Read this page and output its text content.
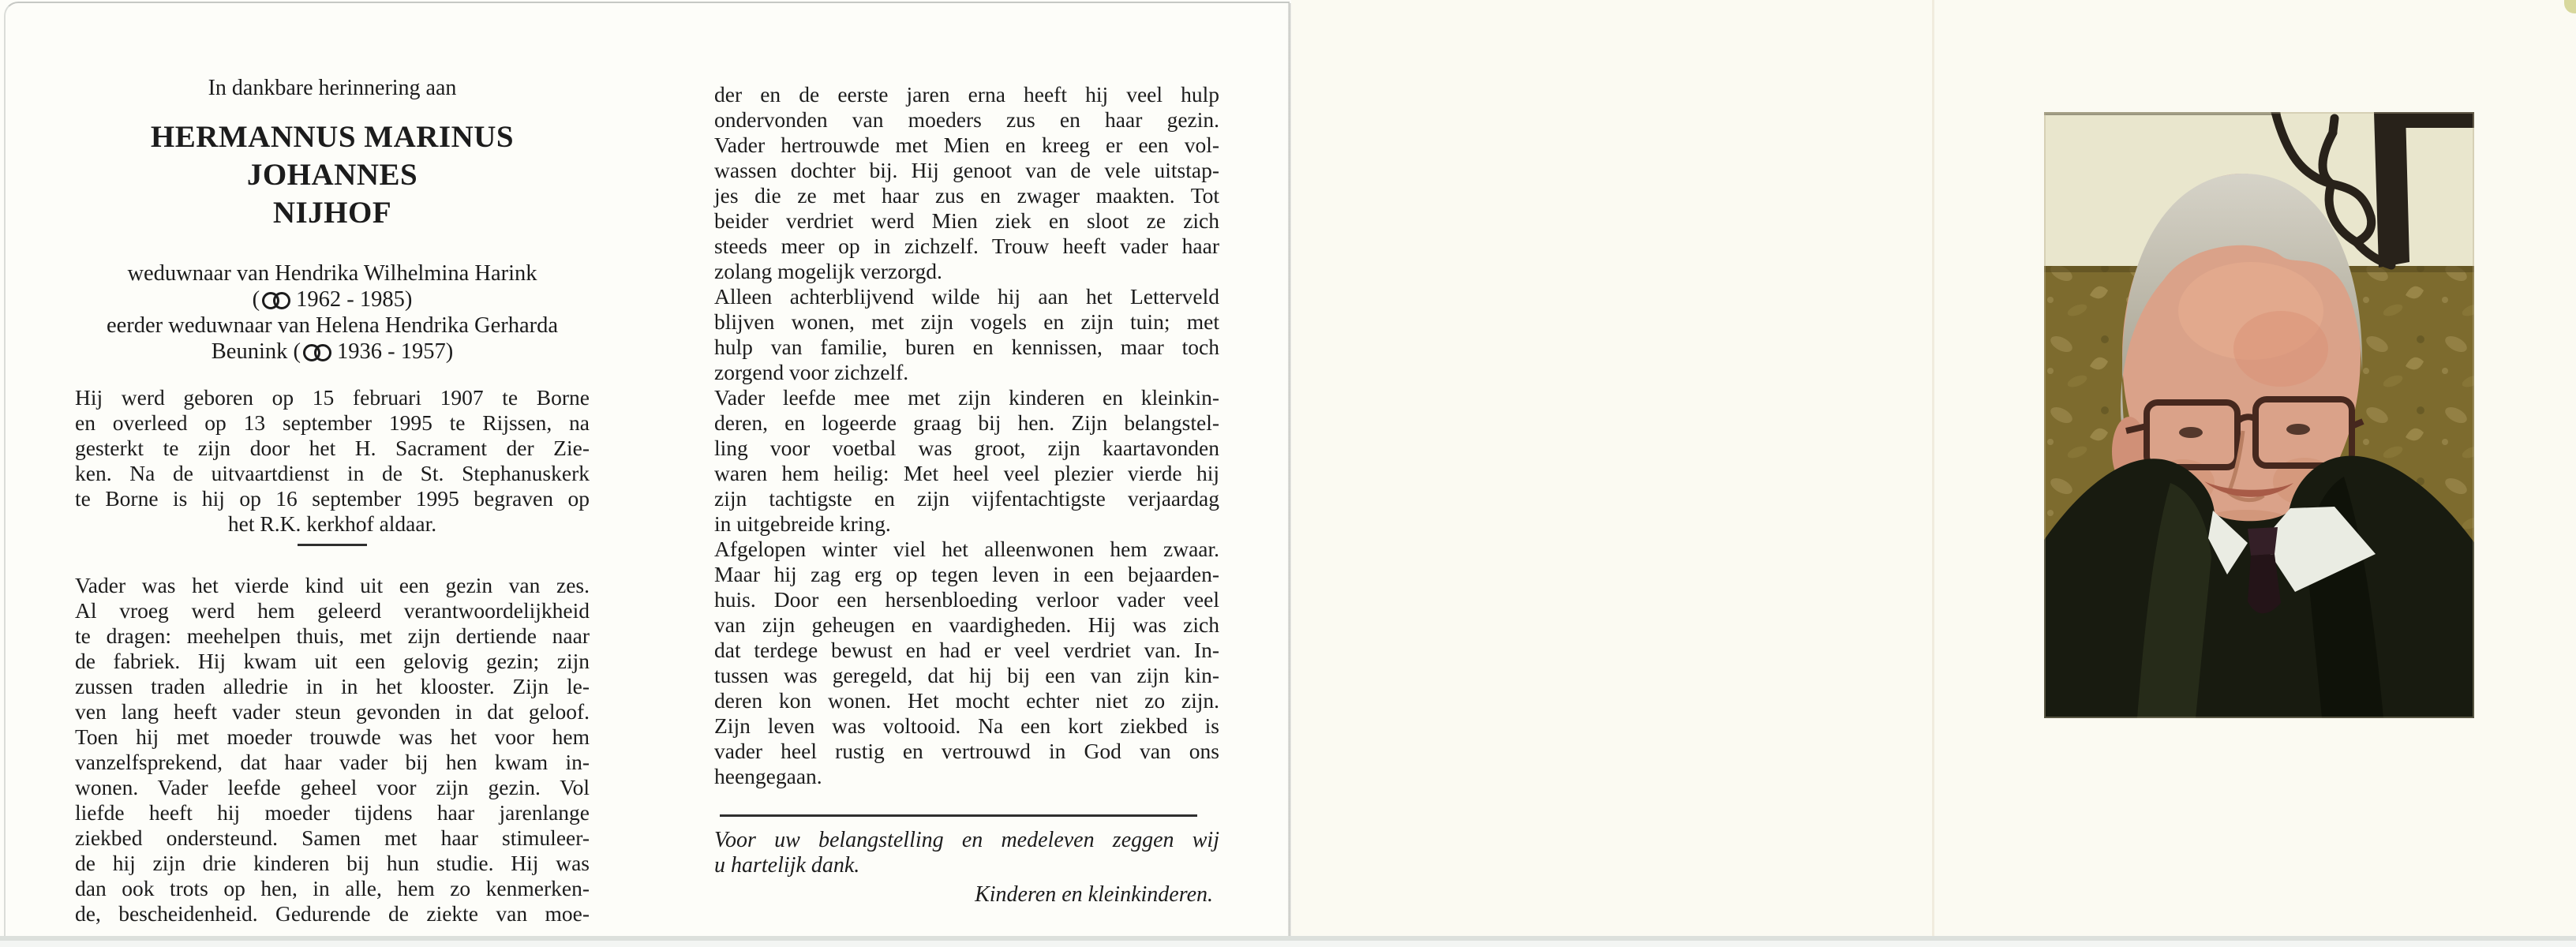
In dankbare herinnering aan
HERMANNUS MARINUS JOHANNES
NIJHOF
weduwnaar van Hendrika Wilhelmina Harink
( 1962 - 1985)
eerder weduwnaar van Helena Hendrika Gerharda
Beunink ( 1936 - 1957)
Hij werd geboren op 15 februari 1907 te Borne
en overleed op 13 september 1995 te Rijssen, na
gesterkt te zijn door het H. Sacrament der Zie-
ken. Na de uitvaartdienst in de St. Stephanuskerk
te Borne is hij op 16 september 1995 begraven op
het R.K. kerkhof aldaar.
Vader was het vierde kind uit een gezin van zes.
Al vroeg werd hem geleerd verantwoordelijkheid
te dragen: meehelpen thuis, met zijn dertiende naar
de fabriek. Hij kwam uit een gelovig gezin; zijn
zussen traden alledrie in in het klooster. Zijn le-
ven lang heeft vader steun gevonden in dat geloof.
Toen hij met moeder trouwde was het voor hem
vanzelfsprekend, dat haar vader bij hen kwam in-
wonen. Vader leefde geheel voor zijn gezin. Vol
liefde heeft hij moeder tijdens haar jarenlange
ziekbed ondersteund. Samen met haar stimuleer-
de hij zijn drie kinderen bij hun studie. Hij was
dan ook trots op hen, in alle, hem zo kenmerken-
de, bescheidenheid. Gedurende de ziekte van moe-
der en de eerste jaren erna heeft hij veel hulp
ondervonden van moeders zus en haar gezin.
Vader hertrouwde met Mien en kreeg er een vol-
wassen dochter bij. Hij genoot van de vele uitstap-
jes die ze met haar zus en zwager maakten. Tot
beider verdriet werd Mien ziek en sloot ze zich
steeds meer op in zichzelf. Trouw heeft vader haar
zolang mogelijk verzorgd.
Alleen achterblijvend wilde hij aan het Letterveld
blijven wonen, met zijn vogels en zijn tuin; met
hulp van familie, buren en kennissen, maar toch
zorgend voor zichzelf.
Vader leefde mee met zijn kinderen en kleinkin-
deren, en logeerde graag bij hen. Zijn belangstel-
ling voor voetbal was groot, zijn kaartavonden
waren hem heilig: Met heel veel plezier vierde hij
zijn tachtigste en zijn vijfentachtigste verjaardag
in uitgebreide kring.
Afgelopen winter viel het alleenwonen hem zwaar.
Maar hij zag erg op tegen leven in een bejaarden-
huis. Door een hersenbloeding verloor vader veel
van zijn geheugen en vaardigheden. Hij was zich
dat terdege bewust en had er veel verdriet van. In-
tussen was geregeld, dat hij bij een van zijn kin-
deren kon wonen. Het mocht echter niet zo zijn.
Zijn leven was voltooid. Na een kort ziekbed is
vader heel rustig en vertrouwd in God van ons
heengegaan.
Voor uw belangstelling en medeleven zeggen wij
u hartelijk dank.
Kinderen en kleinkinderen.
